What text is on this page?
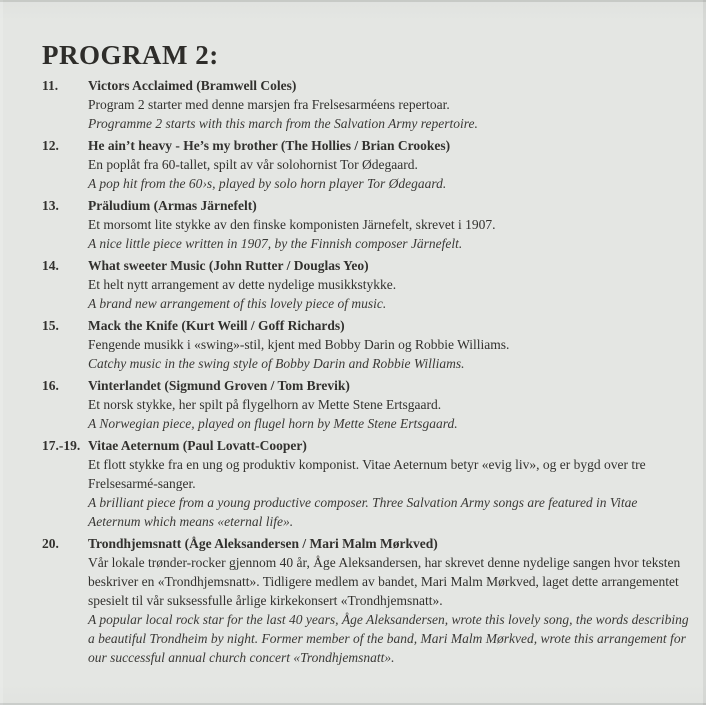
PROGRAM 2:
11.	Victors Acclaimed (Bramwell Coles)
Program 2 starter med denne marsjen fra Frelsesarméens repertoar.
Programme 2 starts with this march from the Salvation Army repertoire.
12.	He ain’t heavy - He’s my brother (The Hollies / Brian Crookes)
En poplåt fra 60-tallet, spilt av vår solohornist Tor Ødegaard.
A pop hit from the 60›s, played by solo horn player Tor Ødegaard.
13.	Präludium (Armas Järnefelt)
Et morsomt lite stykke av den finske komponisten Järnefelt, skrevet i 1907.
A nice little piece written in 1907, by the Finnish composer Järnefelt.
14.	What sweeter Music (John Rutter / Douglas Yeo)
Et helt nytt arrangement av dette nydelige musikkstykke.
A brand new arrangement of this lovely piece of music.
15.	Mack the Knife (Kurt Weill / Goff Richards)
Fengende musikk i «swing»-stil, kjent med Bobby Darin og Robbie Williams.
Catchy music in the swing style of Bobby Darin and Robbie Williams.
16.	Vinterlandet (Sigmund Groven / Tom Brevik)
Et norsk stykke, her spilt på flygelhorn av Mette Stene Ertsgaard.
A Norwegian piece, played on flugel horn by Mette Stene Ertsgaard.
17.-19. Vitae Aeternum (Paul Lovatt-Cooper)
Et flott stykke fra en ung og produktiv komponist. Vitae Aeternum betyr «evig liv», og er bygd over tre Frelsesarmé-sanger.
A brilliant piece from a young productive composer. Three Salvation Army songs are featured in Vitae Aeternum which means «eternal life».
20.	Trondhjemsnatt (Åge Aleksandersen / Mari Malm Mørkved)
Vår lokale trønder-rocker gjennom 40 år, Åge Aleksandersen, har skrevet denne nydelige sangen hvor teksten beskriver en «Trondhjemsnatt». Tidligere medlem av bandet, Mari Malm Mørkved, laget dette arrangementet spesielt til vår suksessfulle årlige kirkekonsert «Trondhjemsnatt».
A popular local rock star for the last 40 years, Åge Aleksandersen, wrote this lovely song, the words describing a beautiful Trondheim by night. Former member of the band, Mari Malm Mørkved, wrote this arrangement for our successful annual church concert «Trondhjemsnatt».
